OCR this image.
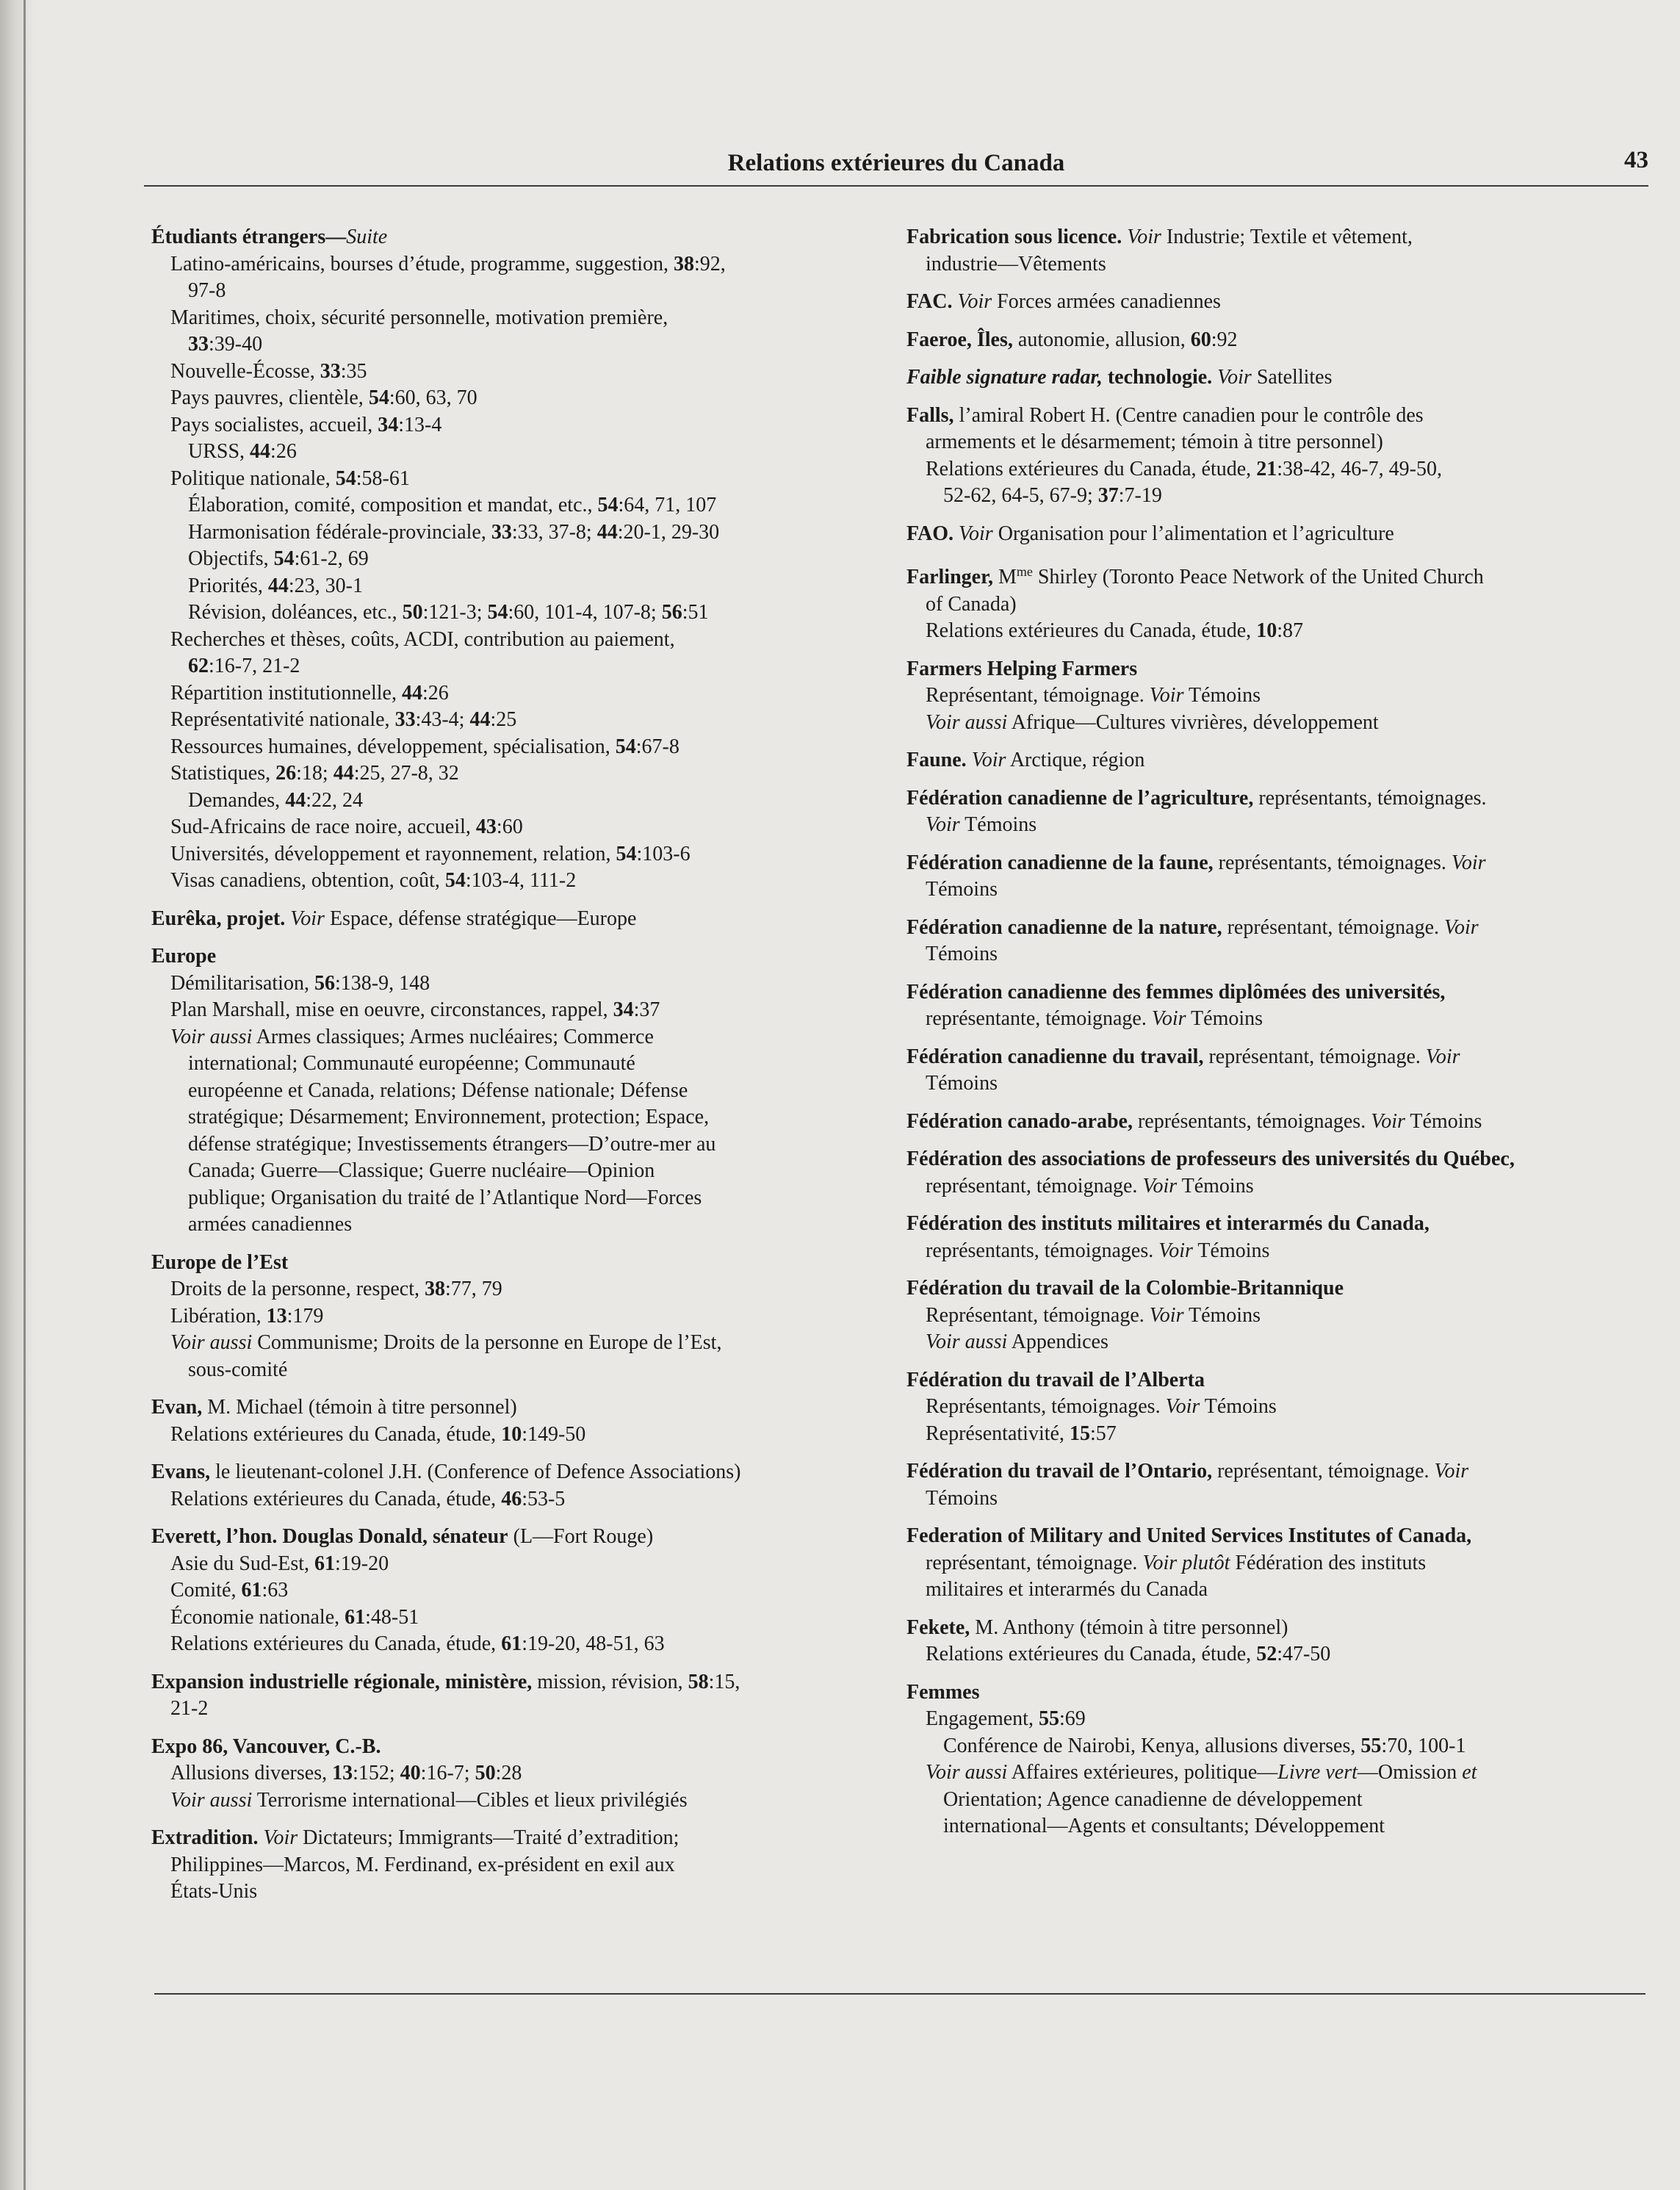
Relations extérieures du Canada	43
Étudiants étrangers—Suite
Latino-américains, bourses d’étude, programme, suggestion, 38:92,
97-8
Maritimes, choix, sécurité personnelle, motivation première,
33:39-40
Nouvelle-Écosse, 33:35
Pays pauvres, clientèle, 54:60, 63, 70
Pays socialistes, accueil, 34:13-4
URSS, 44:26
Politique nationale, 54:58-61
Élaboration, comité, composition et mandat, etc., 54:64, 71, 107
Harmonisation fédérale-provinciale, 33:33, 37-8; 44:20-1, 29-30
Objectifs, 54:61-2, 69
Priorités, 44:23, 30-1
Révision, doléances, etc., 50:121-3; 54:60, 101-4, 107-8; 56:51
Recherches et thèses, coûts, ACDI, contribution au paiement,
62:16-7, 21-2
Répartition institutionnelle, 44:26
Représentativité nationale, 33:43-4; 44:25
Ressources humaines, développement, spécialisation, 54:67-8
Statistiques, 26:18; 44:25, 27-8, 32
Demandes, 44:22, 24
Sud-Africains de race noire, accueil, 43:60
Universités, développement et rayonnement, relation, 54:103-6
Visas canadiens, obtention, coût, 54:103-4, 111-2
Eurêka, projet. Voir Espace, défense stratégique—Europe
Europe
Démilitarisation, 56:138-9, 148
Plan Marshall, mise en oeuvre, circonstances, rappel, 34:37
Voir aussi Armes classiques; Armes nucléaires; Commerce
international; Communauté européenne; Communauté
européenne et Canada, relations; Défense nationale; Défense
stratégique; Désarmement; Environnement, protection; Espace,
défense stratégique; Investissements étrangers—D’outre-mer au
Canada; Guerre—Classique; Guerre nucléaire—Opinion
publique; Organisation du traité de l’Atlantique Nord—Forces
armées canadiennes
Europe de l’Est
Droits de la personne, respect, 38:77, 79
Libération, 13:179
Voir aussi Communisme; Droits de la personne en Europe de l’Est,
sous-comité
Evan, M. Michael (témoin à titre personnel)
Relations extérieures du Canada, étude, 10:149-50
Evans, le lieutenant-colonel J.H. (Conference of Defence Associations)
Relations extérieures du Canada, étude, 46:53-5
Everett, l’hon. Douglas Donald, sénateur (L—Fort Rouge)
Asie du Sud-Est, 61:19-20
Comité, 61:63
Économie nationale, 61:48-51
Relations extérieures du Canada, étude, 61:19-20, 48-51, 63
Expansion industrielle régionale, ministère, mission, révision, 58:15,
21-2
Expo 86, Vancouver, C.-B.
Allusions diverses, 13:152; 40:16-7; 50:28
Voir aussi Terrorisme international—Cibles et lieux privilégiés
Extradition. Voir Dictateurs; Immigrants—Traité d’extradition;
Philippines—Marcos, M. Ferdinand, ex-président en exil aux
États-Unis
Fabrication sous licence. Voir Industrie; Textile et vêtement,
industrie—Vêtements
FAC. Voir Forces armées canadiennes
Faeroe, Îles, autonomie, allusion, 60:92
Faible signature radar, technologie. Voir Satellites
Falls, l’amiral Robert H. (Centre canadien pour le contrôle des
armements et le désarmement; témoin à titre personnel)
Relations extérieures du Canada, étude, 21:38-42, 46-7, 49-50,
52-62, 64-5, 67-9; 37:7-19
FAO. Voir Organisation pour l’alimentation et l’agriculture
Farlinger, $M^{me}$ Shirley (Toronto Peace Network of the United Church
of Canada)
Relations extérieures du Canada, étude, 10:87
Farmers Helping Farmers
Représentant, témoignage. Voir Témoins
Voir aussi Afrique—Cultures vivrières, développement
Faune. Voir Arctique, région
Fédération canadienne de l’agriculture, représentants, témoignages.
Voir Témoins
Fédération canadienne de la faune, représentants, témoignages. Voir
Témoins
Fédération canadienne de la nature, représentant, témoignage. Voir
Témoins
Fédération canadienne des femmes diplômées des universités,
représentante, témoignage. Voir Témoins
Fédération canadienne du travail, représentant, témoignage. Voir
Témoins
Fédération canado-arabe, représentants, témoignages. Voir Témoins
Fédération des associations de professeurs des universités du Québec,
représentant, témoignage. Voir Témoins
Fédération des instituts militaires et interarmés du Canada,
représentants, témoignages. Voir Témoins
Fédération du travail de la Colombie-Britannique
Représentant, témoignage. Voir Témoins
Voir aussi Appendices
Fédération du travail de l’Alberta
Représentants, témoignages. Voir Témoins
Représentativité, 15:57
Fédération du travail de l’Ontario, représentant, témoignage. Voir
Témoins
Federation of Military and United Services Institutes of Canada,
représentant, témoignage. Voir plutôt Fédération des instituts
militaires et interarmés du Canada
Fekete, M. Anthony (témoin à titre personnel)
Relations extérieures du Canada, étude, 52:47-50
Femmes
Engagement, 55:69
Conférence de Nairobi, Kenya, allusions diverses, 55:70, 100-1
Voir aussi Affaires extérieures, politique—Livre vert—Omission et
Orientation; Agence canadienne de développement
international—Agents et consultants; Développement
